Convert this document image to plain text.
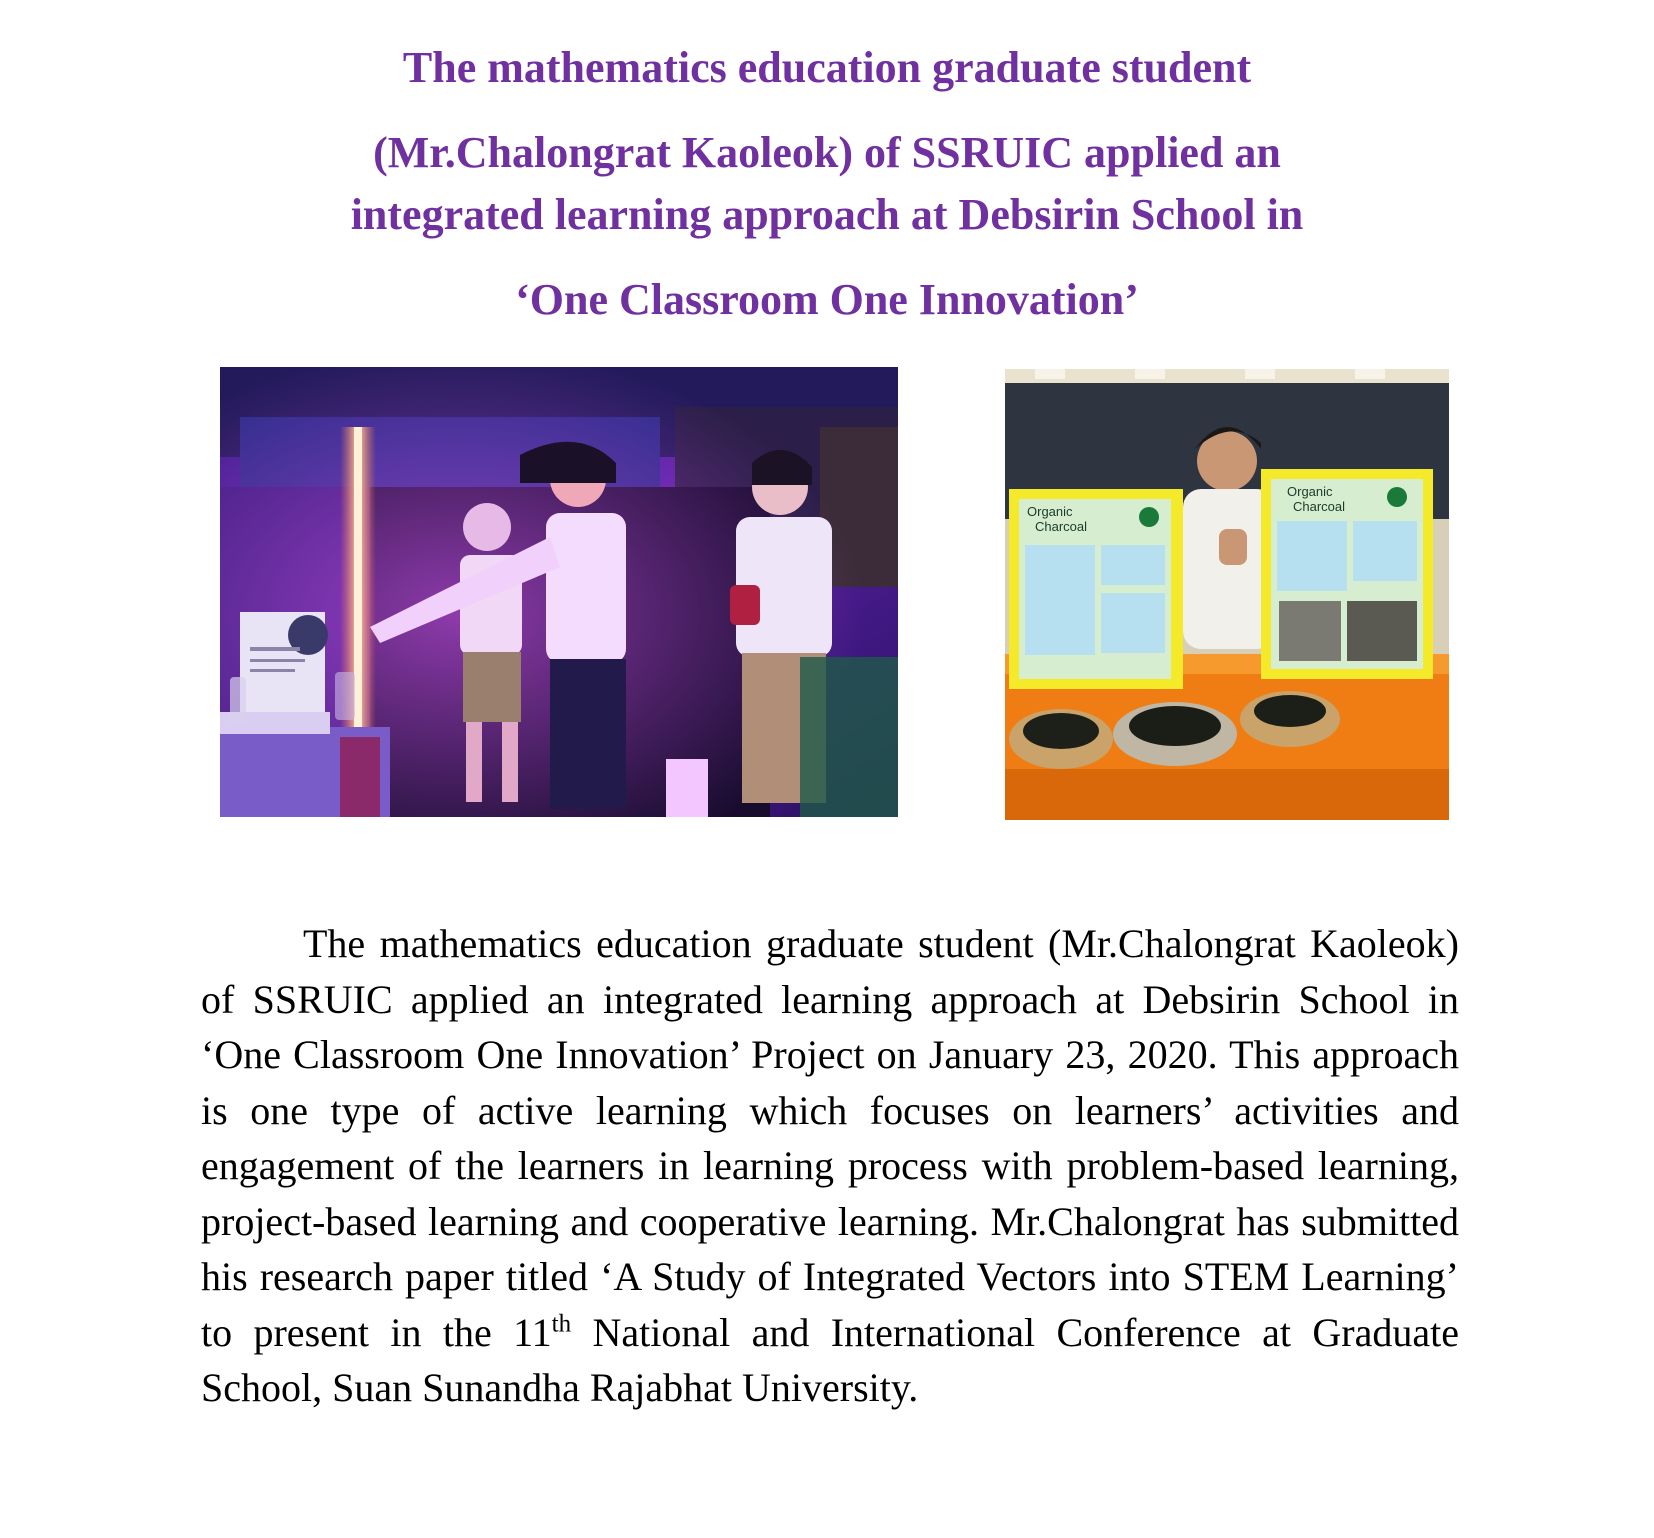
The mathematics education graduate student
(Mr.Chalongrat Kaoleok) of SSRUIC applied an
integrated learning approach at Debsirin School in
‘One Classroom One Innovation’
Organic
Charcoal
Organic
Charcoal

The mathematics education graduate student (Mr.Chalongrat Kaoleok) of SSRUIC applied an integrated learning approach at Debsirin School in ‘One Classroom One Innovation’ Project on January 23, 2020. This approach is one type of active learning which focuses on learners’ activities and engagement of the learners in learning process with problem-based learning, project-based learning and cooperative learning. Mr.Chalongrat has submitted his research paper titled ‘A Study of Integrated Vectors into STEM Learning’ to present in the 11th National and International Conference at Graduate School, Suan Sunandha Rajabhat University.
